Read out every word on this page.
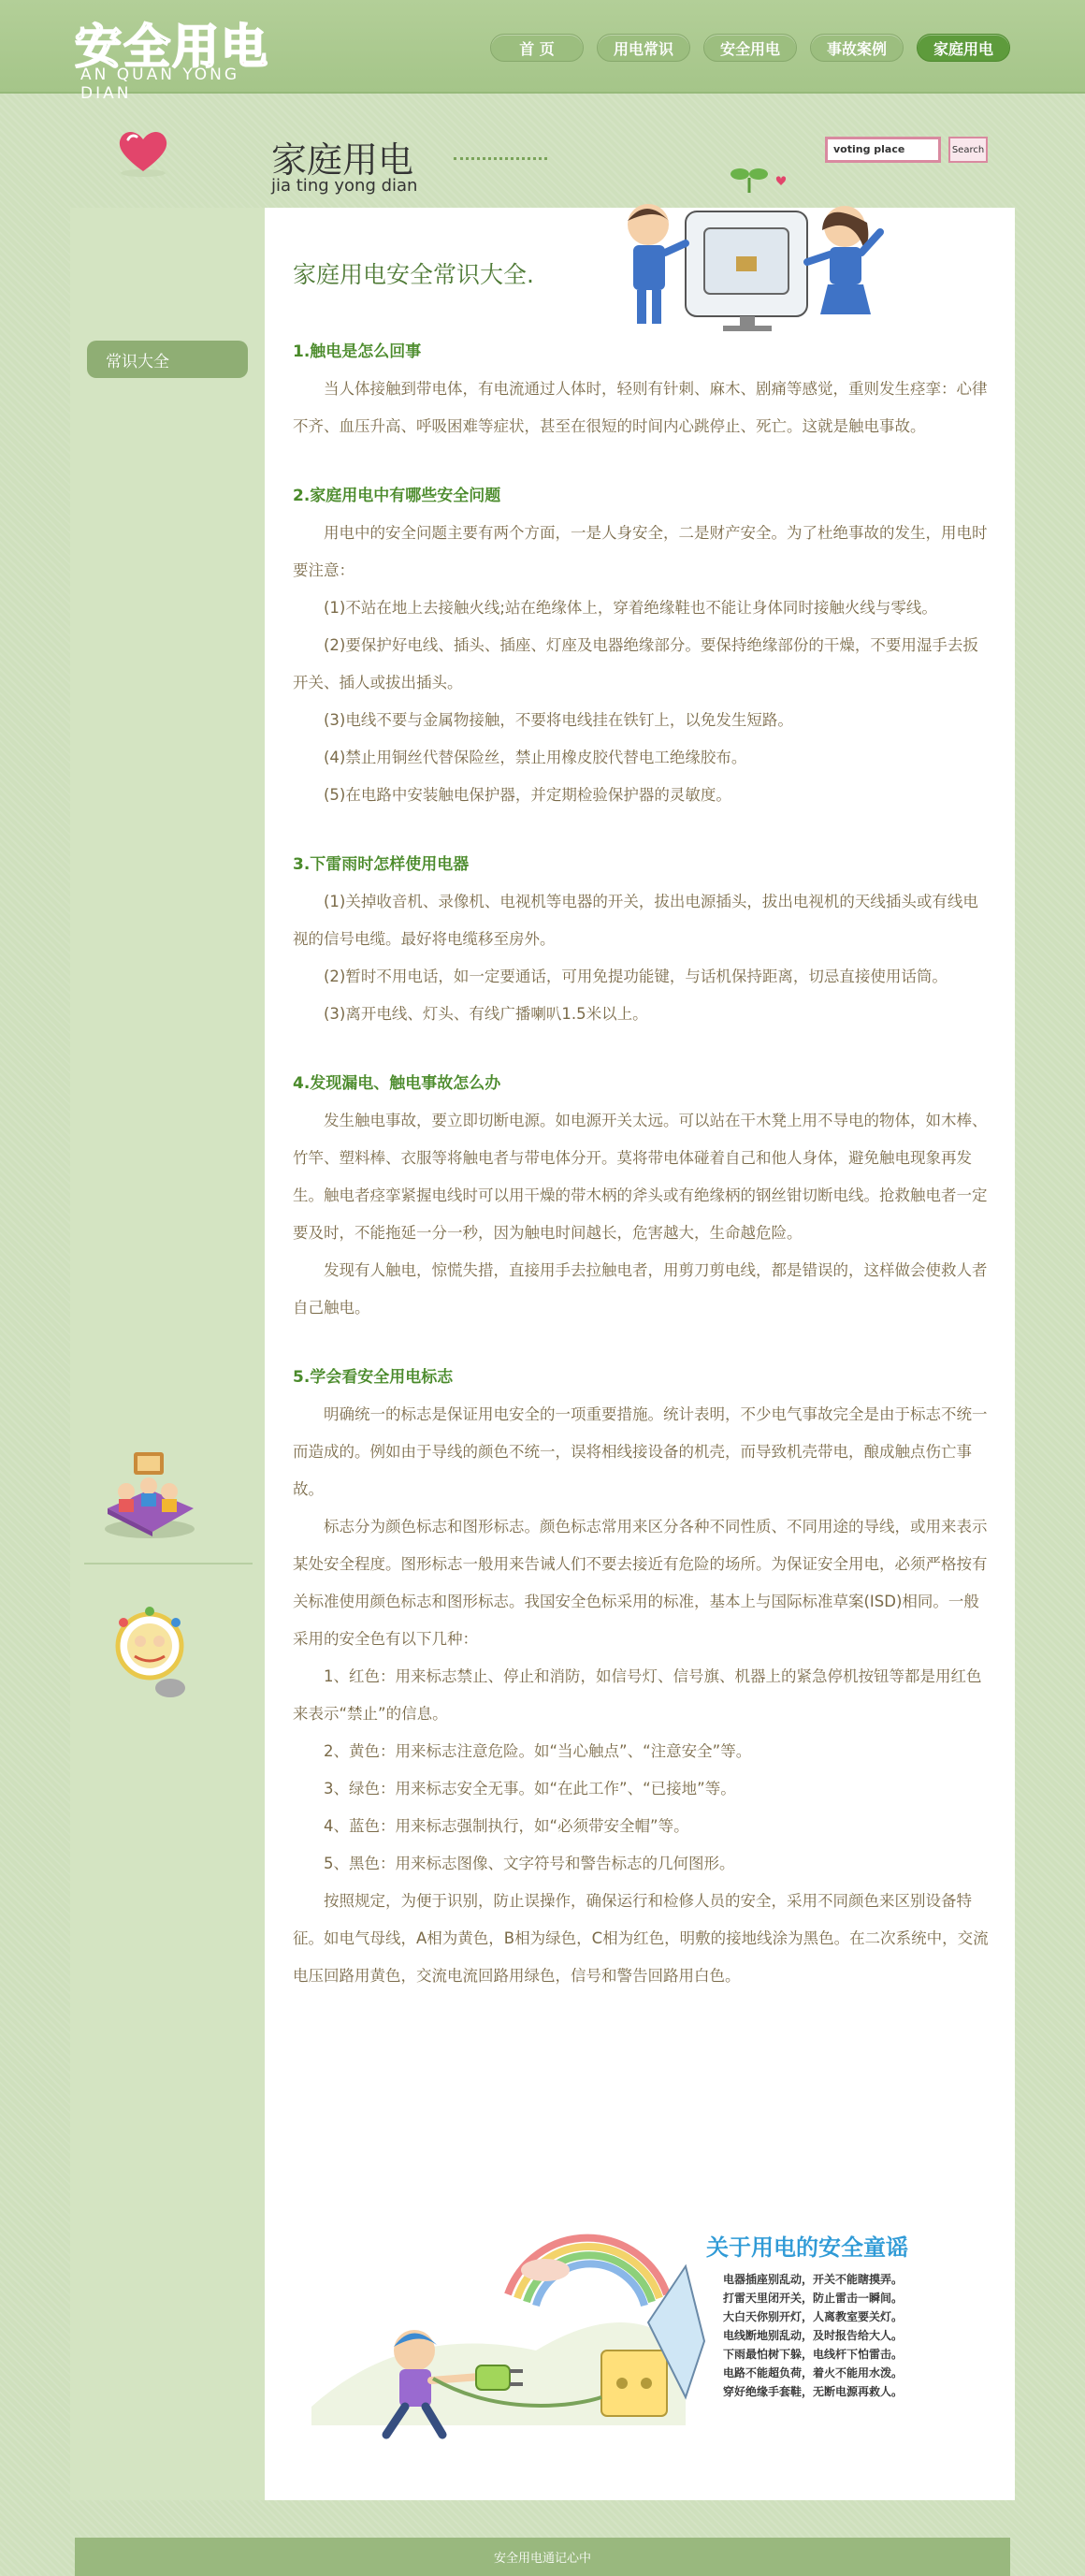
安全用电
AN QUAN YONG DIAN
首 页	用电常识	安全用电	事故案例	家庭用电
家庭用电
jia ting yong dian
常识大全
家庭用电安全常识大全.
1.触电是怎么回事

当人体接触到带电体，有电流通过人体时，轻则有针刺、麻木、剧痛等感觉，重则发生痉挛：心律不齐、血压升高、呼吸困难等症状，甚至在很短的时间内心跳停止、死亡。这就是触电事故。

2.家庭用电中有哪些安全问题

用电中的安全问题主要有两个方面，一是人身安全，二是财产安全。为了杜绝事故的发生，用电时要注意：

(1)不站在地上去接触火线;站在绝缘体上，穿着绝缘鞋也不能让身体同时接触火线与零线。

(2)要保护好电线、插头、插座、灯座及电器绝缘部分。要保持绝缘部份的干燥，不要用湿手去扳开关、插人或拔出插头。

(3)电线不要与金属物接触，不要将电线挂在铁钉上，以免发生短路。

(4)禁止用铜丝代替保险丝，禁止用橡皮胶代替电工绝缘胶布。

(5)在电路中安装触电保护器，并定期检验保护器的灵敏度。

3.下雷雨时怎样使用电器

(1)关掉收音机、录像机、电视机等电器的开关，拔出电源插头，拔出电视机的天线插头或有线电视的信号电缆。最好将电缆移至房外。

(2)暂时不用电话，如一定要通话，可用免提功能键，与话机保持距离，切忌直接使用话筒。

(3)离开电线、灯头、有线广播喇叭1.5米以上。

4.发现漏电、触电事故怎么办

发生触电事故，要立即切断电源。如电源开关太远。可以站在干木凳上用不导电的物体，如木棒、竹竿、塑料棒、衣服等将触电者与带电体分开。莫将带电体碰着自己和他人身体，避免触电现象再发生。触电者痉挛紧握电线时可以用干燥的带木柄的斧头或有绝缘柄的钢丝钳切断电线。抢救触电者一定要及时，不能拖延一分一秒，因为触电时间越长，危害越大，生命越危险。

发现有人触电，惊慌失措，直接用手去拉触电者，用剪刀剪电线，都是错误的，这样做会使救人者自己触电。

5.学会看安全用电标志

明确统一的标志是保证用电安全的一项重要措施。统计表明，不少电气事故完全是由于标志不统一而造成的。例如由于导线的颜色不统一，误将相线接设备的机壳，而导致机壳带电，酿成触点伤亡事故。

标志分为颜色标志和图形标志。颜色标志常用来区分各种不同性质、不同用途的导线，或用来表示某处安全程度。图形标志一般用来告诫人们不要去接近有危险的场所。为保证安全用电，必须严格按有关标准使用颜色标志和图形标志。我国安全色标采用的标准，基本上与国际标准草案(ISD)相同。一般采用的安全色有以下几种：

1、红色：用来标志禁止、停止和消防，如信号灯、信号旗、机器上的紧急停机按钮等都是用红色来表示“禁止”的信息。

2、黄色：用来标志注意危险。如“当心触点”、“注意安全”等。

3、绿色：用来标志安全无事。如“在此工作”、“已接地”等。

4、蓝色：用来标志强制执行，如“必须带安全帽”等。

5、黑色：用来标志图像、文字符号和警告标志的几何图形。

按照规定，为便于识别，防止误操作，确保运行和检修人员的安全，采用不同颜色来区别设备特征。如电气母线，A相为黄色，B相为绿色，C相为红色，明敷的接地线涂为黑色。在二次系统中，交流电压回路用黄色，交流电流回路用绿色，信号和警告回路用白色。

关于用电的安全童谣
电器插座别乱动，开关不能瞎摸弄。
打雷天里闭开关，防止雷击一瞬间。
大白天你别开灯，人离教室要关灯。
电线断地别乱动，及时报告给大人。
下雨最怕树下躲，电线杆下怕雷击。
电路不能超负荷，着火不能用水泼。
穿好绝缘手套鞋，无断电源再救人。
voting place	Search
安全用电通记心中
